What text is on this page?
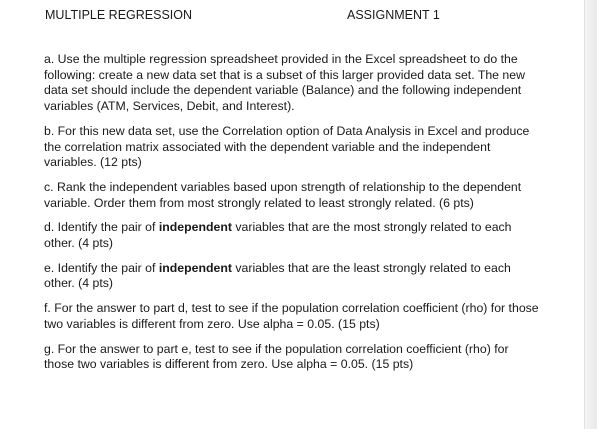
MULTIPLE REGRESSION	ASSIGNMENT 1

a. Use the multiple regression spreadsheet provided in the Excel spreadsheet to do the following: create a new data set that is a subset of this larger provided data set. The new data set should include the dependent variable (Balance) and the following independent variables (ATM, Services, Debit, and Interest).

b. For this new data set, use the Correlation option of Data Analysis in Excel and produce the correlation matrix associated with the dependent variable and the independent variables. (12 pts)

c. Rank the independent variables based upon strength of relationship to the dependent variable. Order them from most strongly related to least strongly related. (6 pts)

d. Identify the pair of independent variables that are the most strongly related to each other. (4 pts)

e. Identify the pair of independent variables that are the least strongly related to each other. (4 pts)

f. For the answer to part d, test to see if the population correlation coefficient (rho) for those two variables is different from zero. Use alpha = 0.05. (15 pts)

g. For the answer to part e, test to see if the population correlation coefficient (rho) for those two variables is different from zero. Use alpha = 0.05. (15 pts)
